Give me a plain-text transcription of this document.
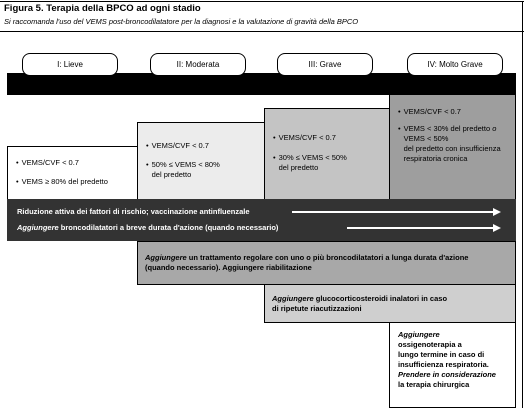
Figura 5. Terapia della BPCO ad ogni stadio
Si raccomanda l'uso del VEMS post-broncodilatatore per la diagnosi e la valutazione di gravità della BPCO
• VEMS/CVF < 0.7
• VEMS < 30% del predetto o
VEMS < 50%
del predetto con insufficienza
respiratoria cronica
• VEMS/CVF < 0.7
• 30% ≤ VEMS < 50%
del predetto
• VEMS/CVF < 0.7
• 50% ≤ VEMS < 80%
del predetto
• VEMS/CVF < 0.7
• VEMS ≥ 80% del predetto
I: Lieve	II: Moderata	III: Grave	IV: Molto Grave
Riduzione attiva dei fattori di rischio; vaccinazione antinfluenzale
Aggiungere broncodilatatori a breve durata d'azione (quando necessario)
Aggiungere un trattamento regolare con uno o più broncodilatatori a lunga durata d'azione
(quando necessario). Aggiungere riabilitazione
Aggiungere glucocorticosteroidi inalatori in caso
di ripetute riacutizzazioni
Aggiungere
ossigenoterapia a
lungo termine in caso di
insufficienza respiratoria.
Prendere in considerazione
la terapia chirurgica
